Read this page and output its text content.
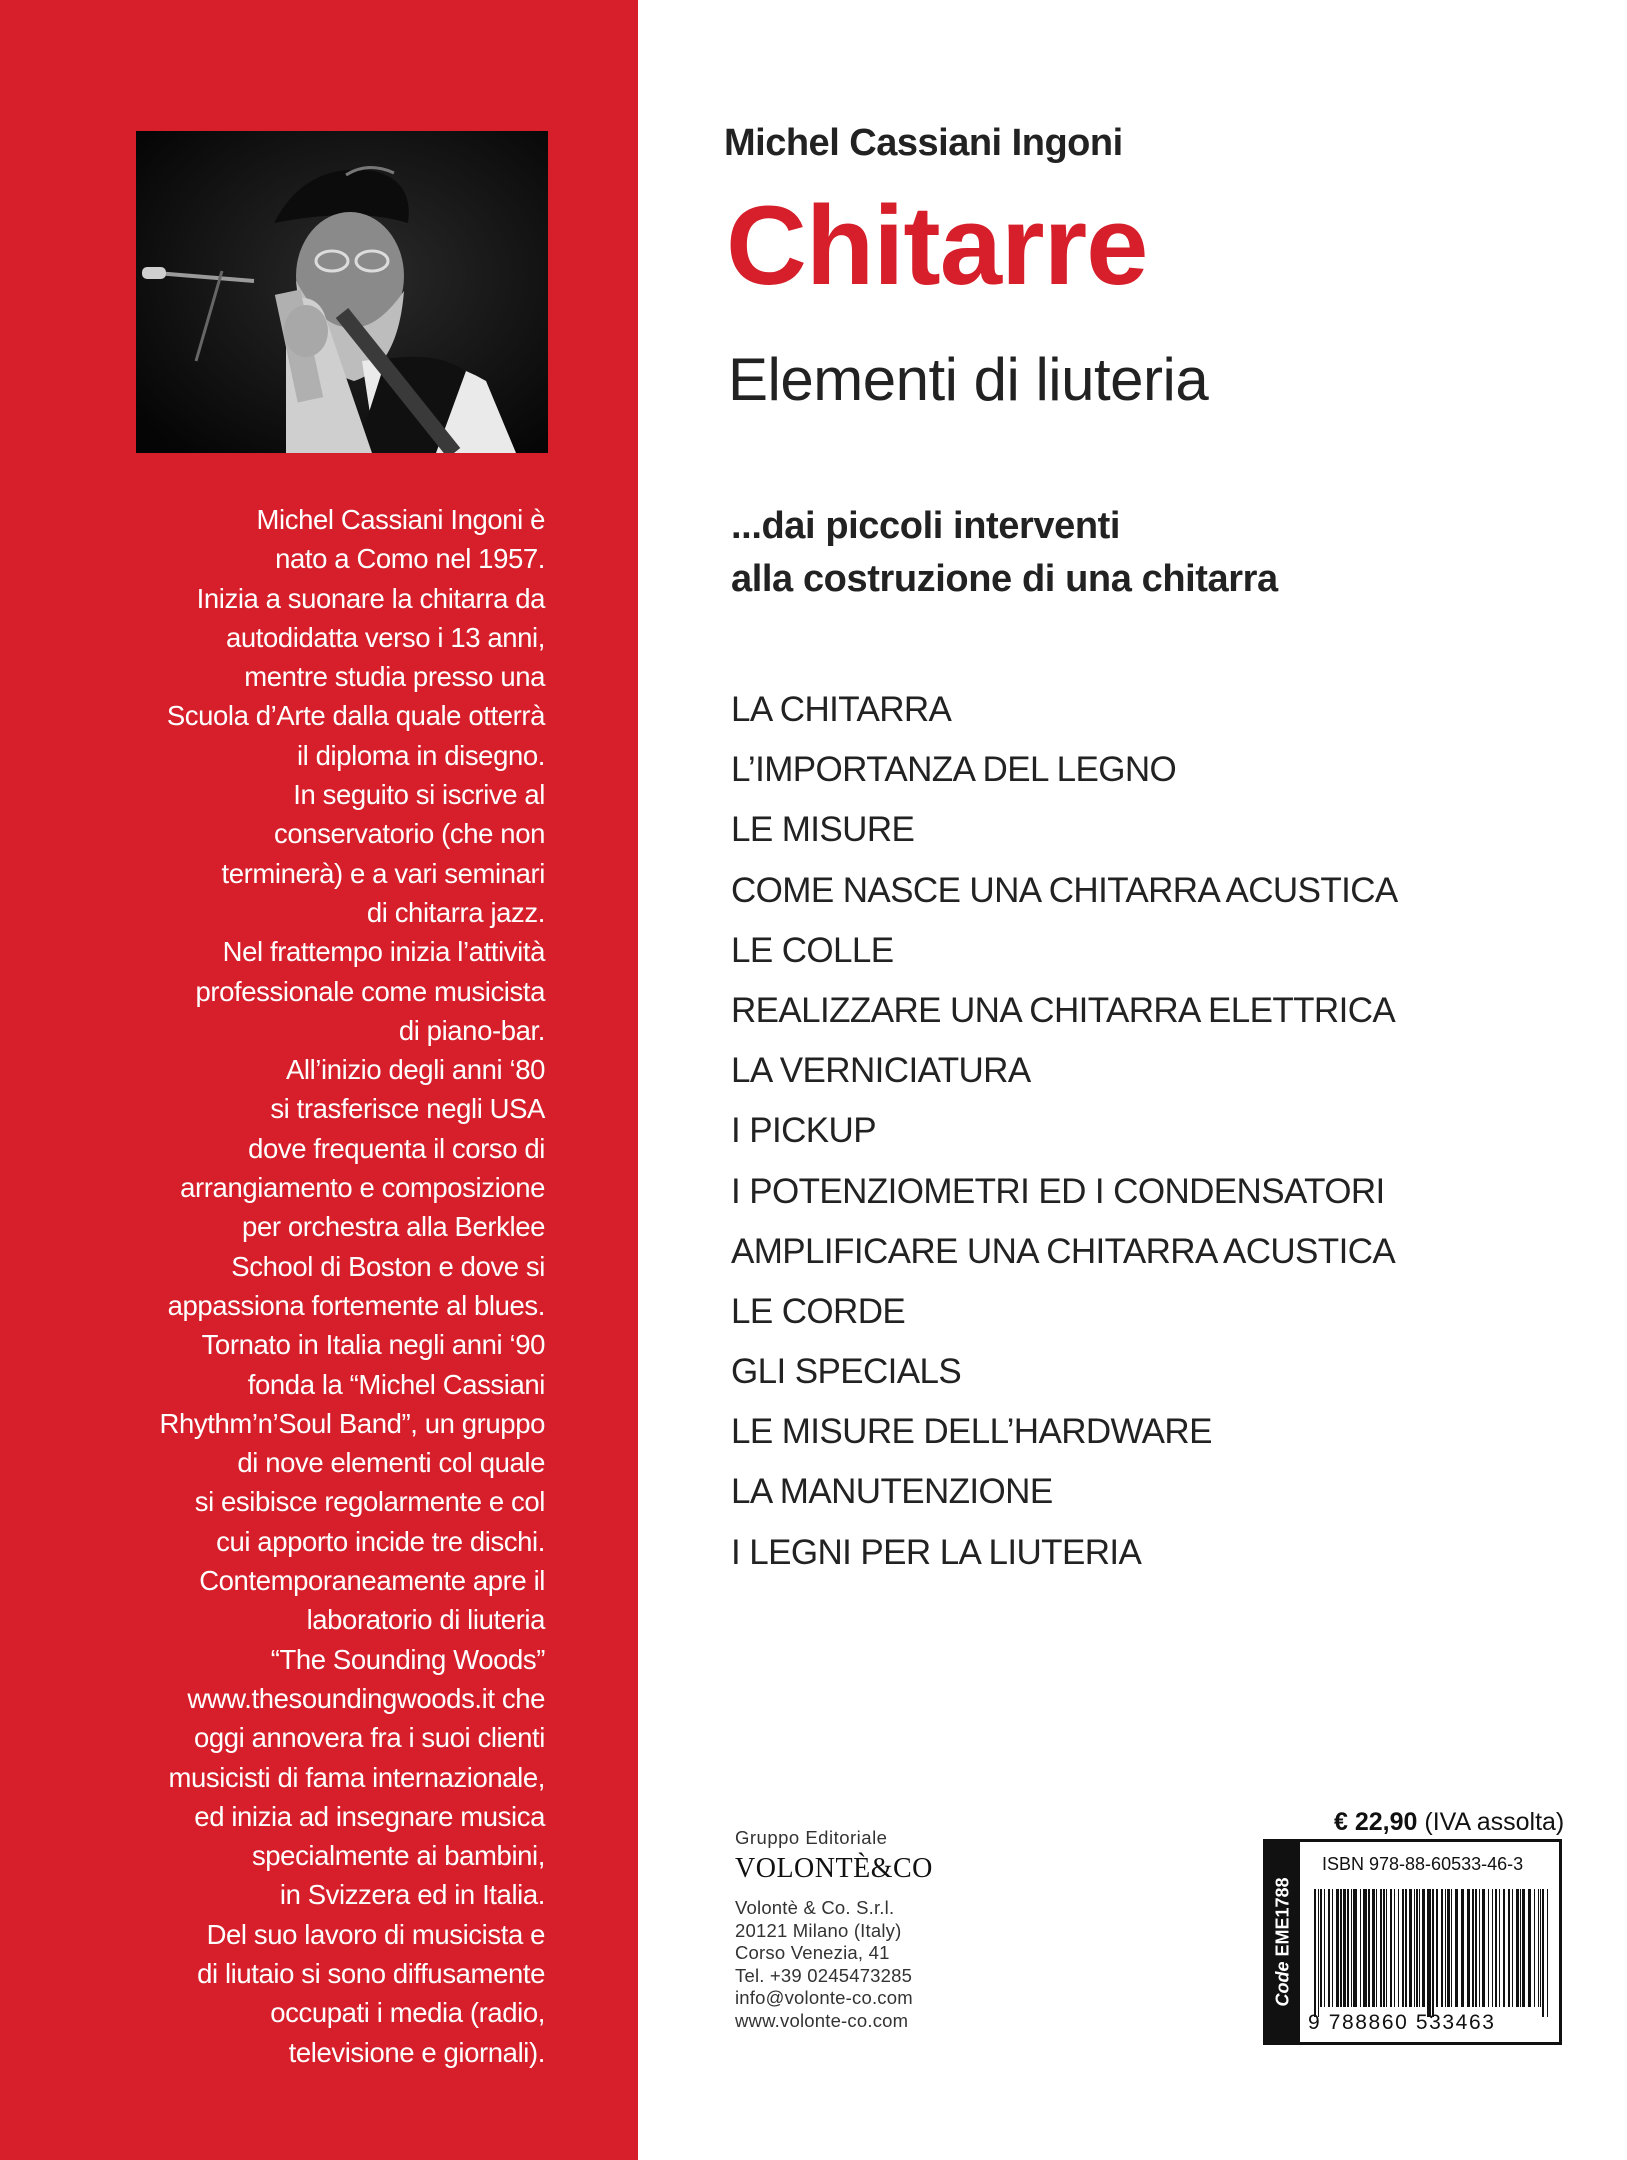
Michel Cassiani Ingoni è
nato a Como nel 1957.
Inizia a suonare la chitarra da
autodidatta verso i 13 anni,
mentre studia presso una
Scuola d’Arte dalla quale otterrà
il diploma in disegno.
In seguito si iscrive al
conservatorio (che non
terminerà) e a vari seminari
di chitarra jazz.
Nel frattempo inizia l’attività
professionale come musicista
di piano-bar.
All’inizio degli anni ‘80
si trasferisce negli USA
dove frequenta il corso di
arrangiamento e composizione
per orchestra alla Berklee
School di Boston e dove si
appassiona fortemente al blues.
Tornato in Italia negli anni ‘90
fonda la “Michel Cassiani
Rhythm’n’Soul Band”, un gruppo
di nove elementi col quale
si esibisce regolarmente e col
cui apporto incide tre dischi.
Contemporaneamente apre il
laboratorio di liuteria
“The Sounding Woods”
www.thesoundingwoods.it che
oggi annovera fra i suoi clienti
musicisti di fama internazionale,
ed inizia ad insegnare musica
specialmente ai bambini,
in Svizzera ed in Italia.
Del suo lavoro di musicista e
di liutaio si sono diffusamente
occupati i media (radio,
televisione e giornali).
Michel Cassiani Ingoni
Chitarre
Elementi di liuteria
...dai piccoli interventi
alla costruzione di una chitarra
LA CHITARRA
L’IMPORTANZA DEL LEGNO
LE MISURE
COME NASCE UNA CHITARRA ACUSTICA
LE COLLE
REALIZZARE UNA CHITARRA ELETTRICA
LA VERNICIATURA
I PICKUP
I POTENZIOMETRI ED I CONDENSATORI
AMPLIFICARE UNA CHITARRA ACUSTICA
LE CORDE
GLI SPECIALS
LE MISURE DELL’HARDWARE
LA MANUTENZIONE
I LEGNI PER LA LIUTERIA
Gruppo Editoriale
VOLONTÈ&CO
Volontè & Co. S.r.l.
20121 Milano (Italy)
Corso Venezia, 41
Tel. +39 0245473285
info@volonte-co.com
www.volonte-co.com
€ 22,90 (IVA assolta)
Code EME1788
ISBN 978-88-60533-46-3
9 788860 533463
